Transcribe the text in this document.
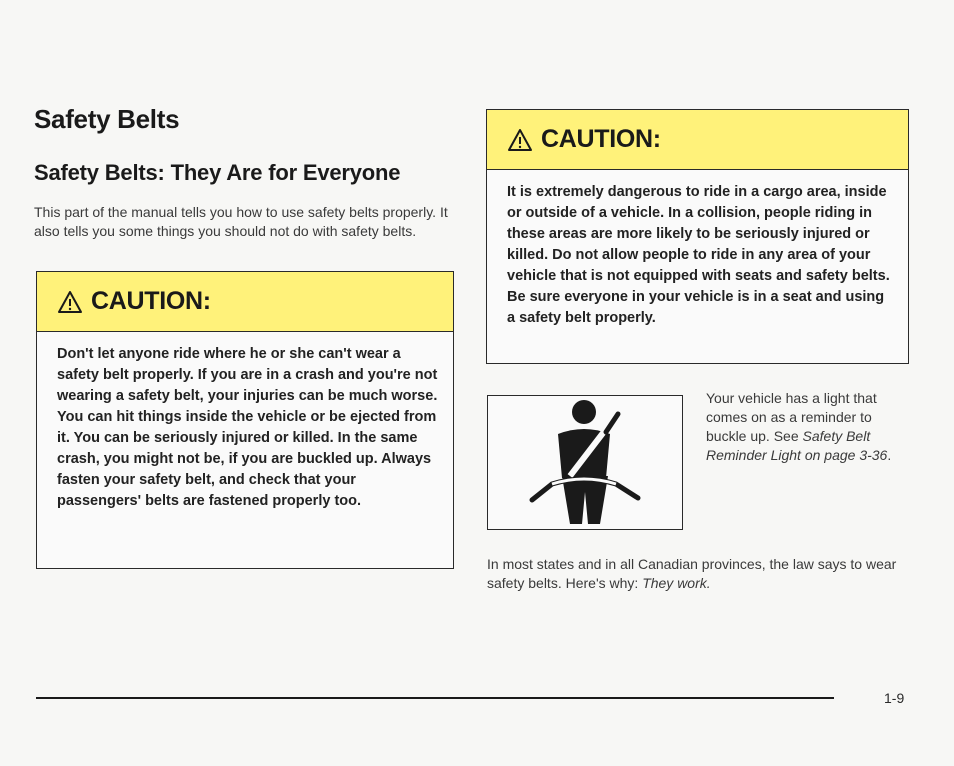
Safety Belts
Safety Belts: They Are for Everyone

This part of the manual tells you how to use safety belts properly. It also tells you some things you should not do with safety belts.

CAUTION:

Don't let anyone ride where he or she can't wear a safety belt properly. If you are in a crash and you're not wearing a safety belt, your injuries can be much worse. You can hit things inside the vehicle or be ejected from it. You can be seriously injured or killed. In the same crash, you might not be, if you are buckled up. Always fasten your safety belt, and check that your passengers' belts are fastened properly too.

CAUTION:

It is extremely dangerous to ride in a cargo area, inside or outside of a vehicle. In a collision, people riding in these areas are more likely to be seriously injured or killed. Do not allow people to ride in any area of your vehicle that is not equipped with seats and safety belts. Be sure everyone in your vehicle is in a seat and using a safety belt properly.

Your vehicle has a light that comes on as a reminder to buckle up. See Safety Belt Reminder Light on page 3-36.

In most states and in all Canadian provinces, the law says to wear safety belts. Here's why: They work.

1-9
